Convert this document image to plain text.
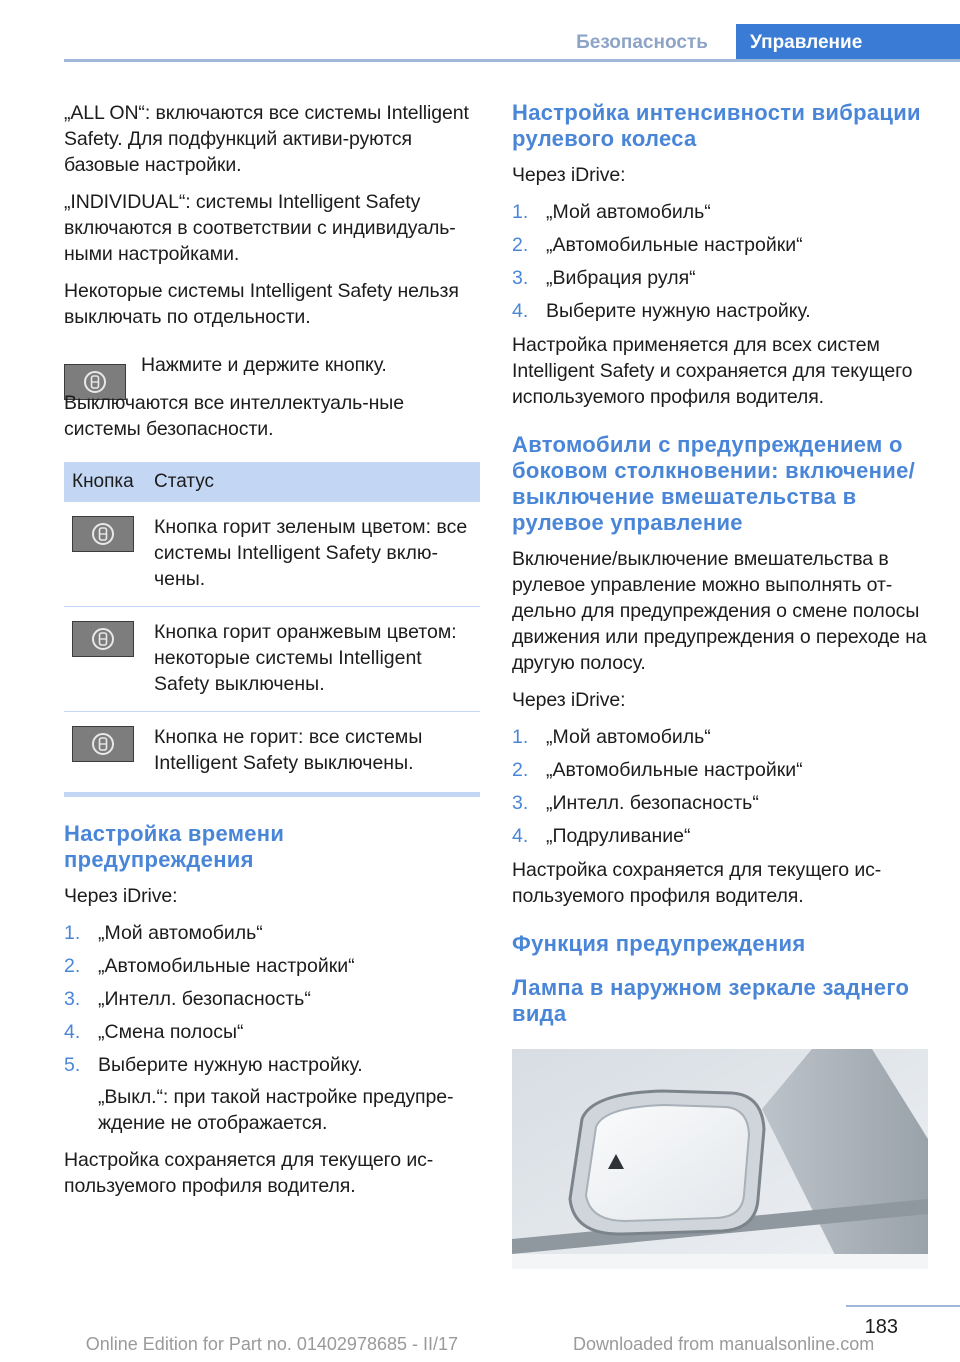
Безопасность	Управление

„ALL ON“: включаются все системы Intelligent Safety. Для подфункций активи-руются базовые настройки.

„INDIVIDUAL“: системы Intelligent Safety включаются в соответствии с индивидуаль-ными настройками.

Некоторые системы Intelligent Safety нельзя выключать по отдельности.

Нажмите и держите кнопку.

Выключаются все интеллектуаль-ные системы безопасности.

Кнопка	Статус

	Кнопка горит зеленым цветом: все системы Intelligent Safety вклю-чены.

	Кнопка горит оранжевым цветом: некоторые системы Intelligent Safety выключены.

	Кнопка не горит: все системы Intelligent Safety выключены.
Настройка времени предупреждения

Через iDrive:

1. „Мой автомобиль“
2. „Автомобильные настройки“
3. „Интелл. безопасность“
4. „Смена полосы“
5. Выберите нужную настройку.

„Выкл.“: при такой настройке предупре-ждение не отображается.

Настройка сохраняется для текущего ис-пользуемого профиля водителя.

Настройка интенсивности вибрации рулевого колеса

Через iDrive:

1. „Мой автомобиль“
2. „Автомобильные настройки“
3. „Вибрация руля“
4. Выберите нужную настройку.

Настройка применяется для всех систем Intelligent Safety и сохраняется для текущего используемого профиля водителя.

Автомобили с предупреждением о боковом столкновении: включение/выключение вмешательства в рулевое управление

Включение/выключение вмешательства в рулевое управление можно выполнять от-дельно для предупреждения о смене полосы движения или предупреждения о переходе на другую полосу.

Через iDrive:

1. „Мой автомобиль“
2. „Автомобильные настройки“
3. „Интелл. безопасность“
4. „Подруливание“

Настройка сохраняется для текущего ис-пользуемого профиля водителя.

Функция предупреждения
Лампа в наружном зеркале заднего вида
183
Online Edition for Part no. 01402978685 - II/17	Downloaded from manualsonline.com
